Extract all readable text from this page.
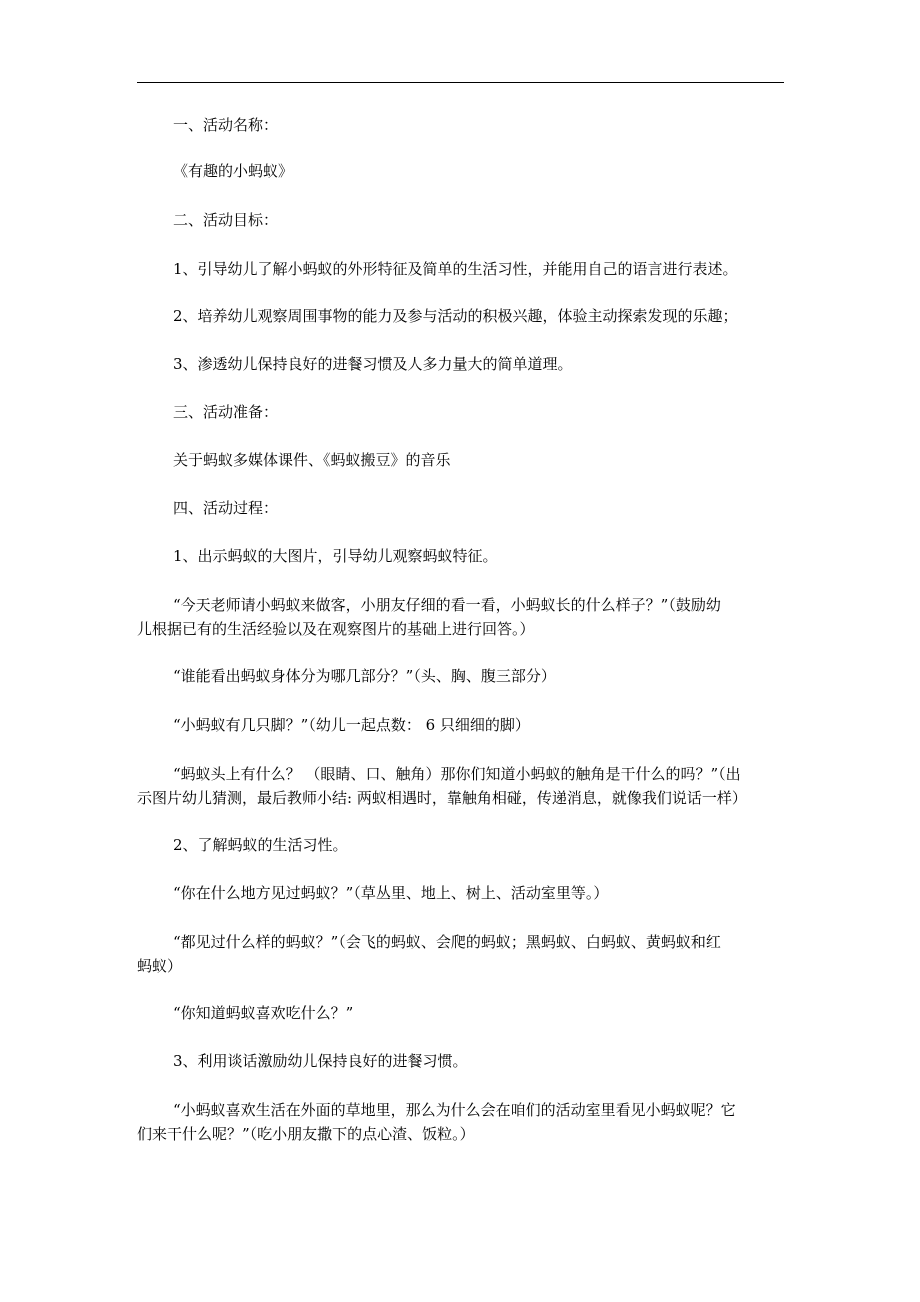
一、活动名称：
《有趣的小蚂蚁》
二、活动目标：
1、引导幼儿了解小蚂蚁的外形特征及简单的生活习性，并能用自己的语言进行表述。
2、培养幼儿观察周围事物的能力及参与活动的积极兴趣，体验主动探索发现的乐趣；
3、渗透幼儿保持良好的进餐习惯及人多力量大的简单道理。
三、活动准备：
关于蚂蚁多媒体课件、《蚂蚁搬豆》的音乐
四、活动过程：
1、出示蚂蚁的大图片，引导幼儿观察蚂蚁特征。
“今天老师请小蚂蚁来做客，小朋友仔细的看一看，小蚂蚁长的什么样子？”（鼓励幼
儿根据已有的生活经验以及在观察图片的基础上进行回答。）
“谁能看出蚂蚁身体分为哪几部分？”（头、胸、腹三部分）
“小蚂蚁有几只脚？”（幼儿一起点数： 6 只细细的脚）
“蚂蚁头上有什么？ （眼睛、口、触角）那你们知道小蚂蚁的触角是干什么的吗？”（出
示图片幼儿猜测，最后教师小结: 两蚁相遇时，靠触角相碰，传递消息，就像我们说话一样）
2、了解蚂蚁的生活习性。
“你在什么地方见过蚂蚁？”（草丛里、地上、树上、活动室里等。）
“都见过什么样的蚂蚁？”（会飞的蚂蚁、会爬的蚂蚁；黑蚂蚁、白蚂蚁、黄蚂蚁和红
蚂蚁）
“你知道蚂蚁喜欢吃什么？”
3、利用谈话激励幼儿保持良好的进餐习惯。
“小蚂蚁喜欢生活在外面的草地里，那么为什么会在咱们的活动室里看见小蚂蚁呢？它
们来干什么呢？”（吃小朋友撒下的点心渣、饭粒。）
